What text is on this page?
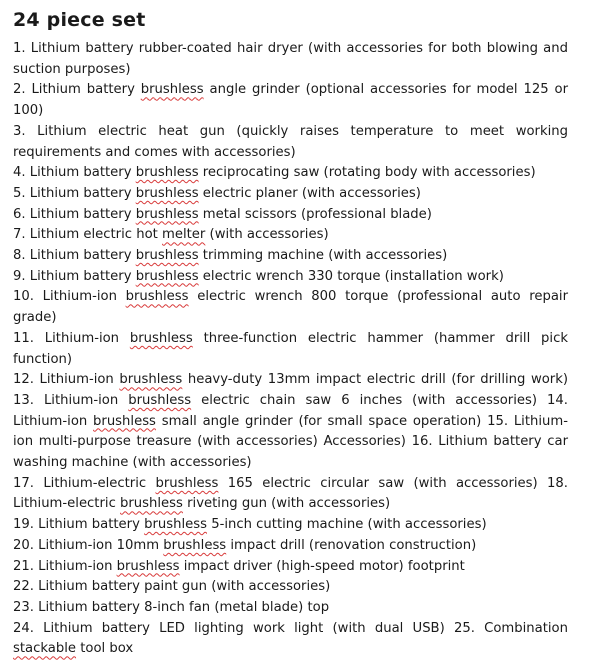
24 piece set

1. Lithium battery rubber-coated hair dryer (with accessories for both blowing and suction purposes)

2. Lithium battery brushless angle grinder (optional accessories for model 125 or 100)

3. Lithium electric heat gun (quickly raises temperature to meet working requirements and comes with accessories)

4. Lithium battery brushless reciprocating saw (rotating body with accessories)

5. Lithium battery brushless electric planer (with accessories)

6. Lithium battery brushless metal scissors (professional blade)

7. Lithium electric hot melter (with accessories)

8. Lithium battery brushless trimming machine (with accessories)

9. Lithium battery brushless electric wrench 330 torque (installation work)

10. Lithium-ion brushless electric wrench 800 torque (professional auto repair grade)

11. Lithium-ion brushless three-function electric hammer (hammer drill pick function)

12. Lithium-ion brushless heavy-duty 13mm impact electric drill (for drilling work) 13. Lithium-ion brushless electric chain saw 6 inches (with accessories) 14. Lithium-ion brushless small angle grinder (for small space operation) 15. Lithium-ion multi-purpose treasure (with accessories) Accessories) 16. Lithium battery car washing machine (with accessories)

17. Lithium-electric brushless 165 electric circular saw (with accessories) 18. Lithium-electric brushless riveting gun (with accessories)

19. Lithium battery brushless 5-inch cutting machine (with accessories)

20. Lithium-ion 10mm brushless impact drill (renovation construction)

21. Lithium-ion brushless impact driver (high-speed motor) footprint

22. Lithium battery paint gun (with accessories)

23. Lithium battery 8-inch fan (metal blade) top

24. Lithium battery LED lighting work light (with dual USB) 25. Combination stackable tool box
